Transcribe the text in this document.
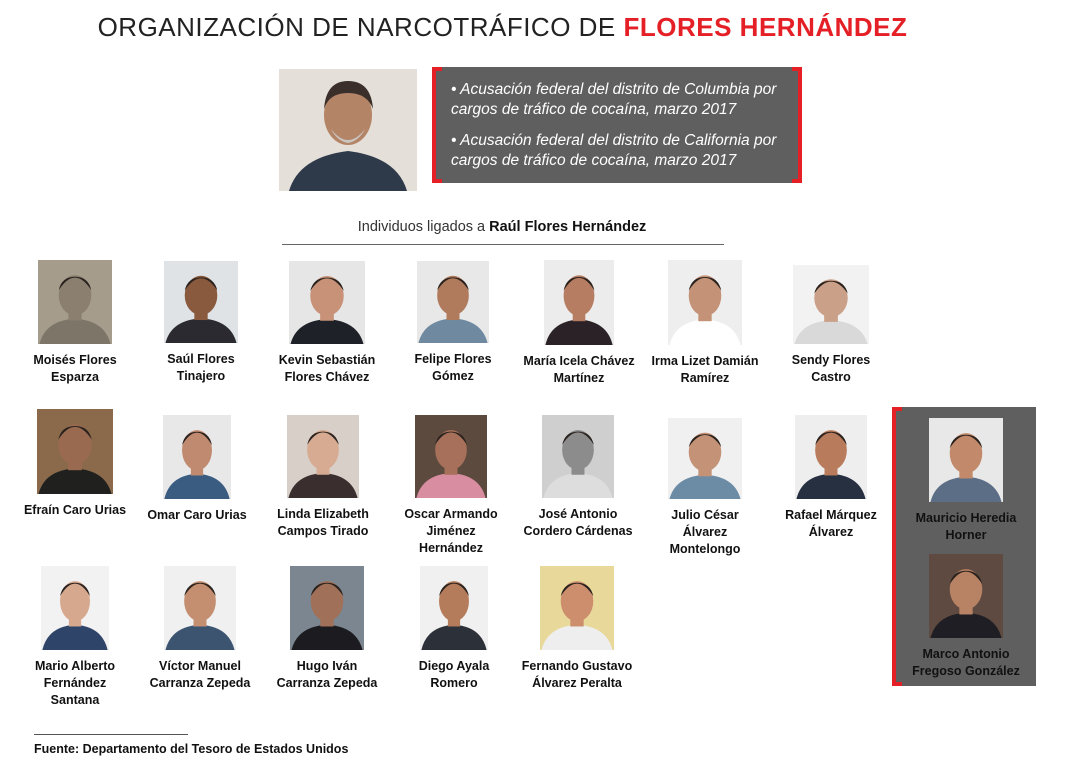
ORGANIZACIÓN DE NARCOTRÁFICO DE FLORES HERNÁNDEZ
• Acusación federal del distrito de Columbia por cargos de tráfico de cocaína, marzo 2017
• Acusación federal del distrito de California por cargos de tráfico de cocaína, marzo 2017
Individuos ligados a Raúl Flores Hernández
Moisés Flores Esparza
Saúl Flores Tinajero
Kevin Sebastián Flores Chávez
Felipe Flores Gómez
María Icela Chávez Martínez
Irma Lizet Damián Ramírez
Sendy Flores Castro
Efraín Caro Urias	Omar Caro Urias	Linda Elizabeth Campos Tirado
Oscar Armando Jiménez Hernández
José Antonio Cordero Cárdenas
Julio César Álvarez Montelongo
Rafael Márquez Álvarez
Mauricio Heredia Horner
Marco Antonio Fregoso González
Mario Alberto Fernández Santana
Víctor Manuel Carranza Zepeda
Hugo Iván Carranza Zepeda
Diego Ayala Romero
Fernando Gustavo Álvarez Peralta
Fuente: Departamento del Tesoro de Estados Unidos
